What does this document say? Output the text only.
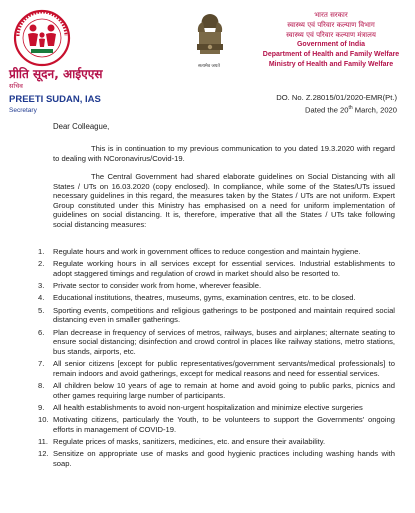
सत्यमेव जयते
प्रीति सूदन, आईएएस
सचिव
PREETI SUDAN, IAS
Secretary
भारत सरकार
स्वास्थ्य एवं परिवार कल्याण विभाग
स्वास्थ्य एवं परिवार कल्याण मंत्रालय
Government of India
Department of Health and Family Welfare
Ministry of Health and Family Welfare
DO. No. Z.28015/01/2020-EMR(Pt.)
Dated the 20th March, 2020
Dear Colleague,
This is in continuation to my previous communication to you dated 19.3.2020 with regard to dealing with NCoronavirus/Covid-19.
The Central Government had shared elaborate guidelines on Social Distancing with all States / UTs on 16.03.2020 (copy enclosed). In compliance, while some of the States/UTs issued necessary guidelines in this regard, the measures taken by the States / UTs are not uniform. Expert Group constituted under this Ministry has emphasised on a need for uniform implementation of guidelines on social distancing. It is, therefore, imperative that all the States / UTs take following social distancing measures:
1. Regulate hours and work in government offices to reduce congestion and maintain hygiene.
2. Regulate working hours in all services except for essential services. Industrial establishments to adopt staggered timings and regulation of crowd in market should also be resorted to.
3. Private sector to consider work from home, wherever feasible.
4. Educational institutions, theatres, museums, gyms, examination centres, etc. to be closed.
5. Sporting events, competitions and religious gatherings to be postponed and maintain required social distancing even in smaller gatherings.
6. Plan decrease in frequency of services of metros, railways, buses and airplanes; alternate seating to ensure social distancing; disinfection and crowd control in places like railway stations, metro stations, bus stands, airports, etc.
7. All senior citizens [except for public representatives/government servants/medical professionals] to remain indoors and avoid gatherings, except for medical reasons and need for essential services.
8. All children below 10 years of age to remain at home and avoid going to public parks, picnics and other games requiring large number of participants.
9. All health establishments to avoid non-urgent hospitalization and minimize elective surgeries
10. Motivating citizens, particularly the Youth, to be volunteers to support the Governments' ongoing efforts in management of COVID-19.
11. Regulate prices of masks, sanitizers, medicines, etc. and ensure their availability.
12. Sensitize on appropriate use of masks and good hygienic practices including washing hands with soap.
